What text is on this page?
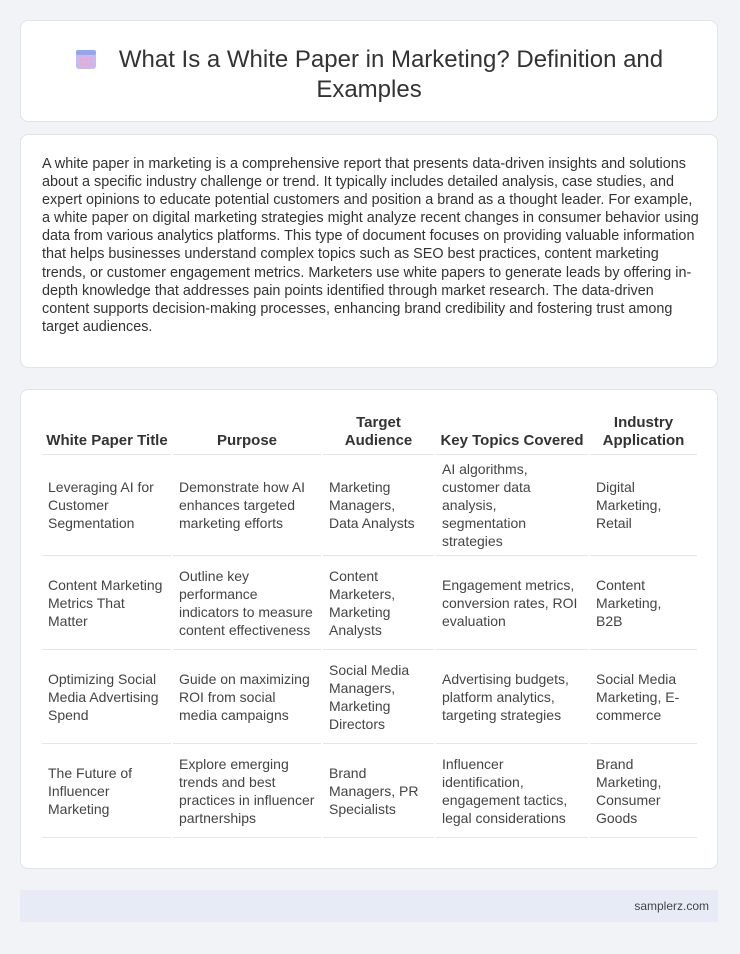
What Is a White Paper in Marketing? Definition and Examples
A white paper in marketing is a comprehensive report that presents data-driven insights and solutions about a specific industry challenge or trend. It typically includes detailed analysis, case studies, and expert opinions to educate potential customers and position a brand as a thought leader. For example, a white paper on digital marketing strategies might analyze recent changes in consumer behavior using data from various analytics platforms. This type of document focuses on providing valuable information that helps businesses understand complex topics such as SEO best practices, content marketing trends, or customer engagement metrics. Marketers use white papers to generate leads by offering in-depth knowledge that addresses pain points identified through market research. The data-driven content supports decision-making processes, enhancing brand credibility and fostering trust among target audiences.
White Paper Title	Purpose	Target Audience	Key Topics Covered	Industry Application
Leveraging AI for Customer Segmentation	Demonstrate how AI enhances targeted marketing efforts	Marketing Managers, Data Analysts	AI algorithms, customer data analysis, segmentation strategies	Digital Marketing, Retail
Content Marketing Metrics That Matter	Outline key performance indicators to measure content effectiveness	Content Marketers, Marketing Analysts	Engagement metrics, conversion rates, ROI evaluation	Content Marketing, B2B
Optimizing Social Media Advertising Spend	Guide on maximizing ROI from social media campaigns	Social Media Managers, Marketing Directors	Advertising budgets, platform analytics, targeting strategies	Social Media Marketing, E-commerce
The Future of Influencer Marketing	Explore emerging trends and best practices in influencer partnerships	Brand Managers, PR Specialists	Influencer identification, engagement tactics, legal considerations	Brand Marketing, Consumer Goods
samplerz.com
